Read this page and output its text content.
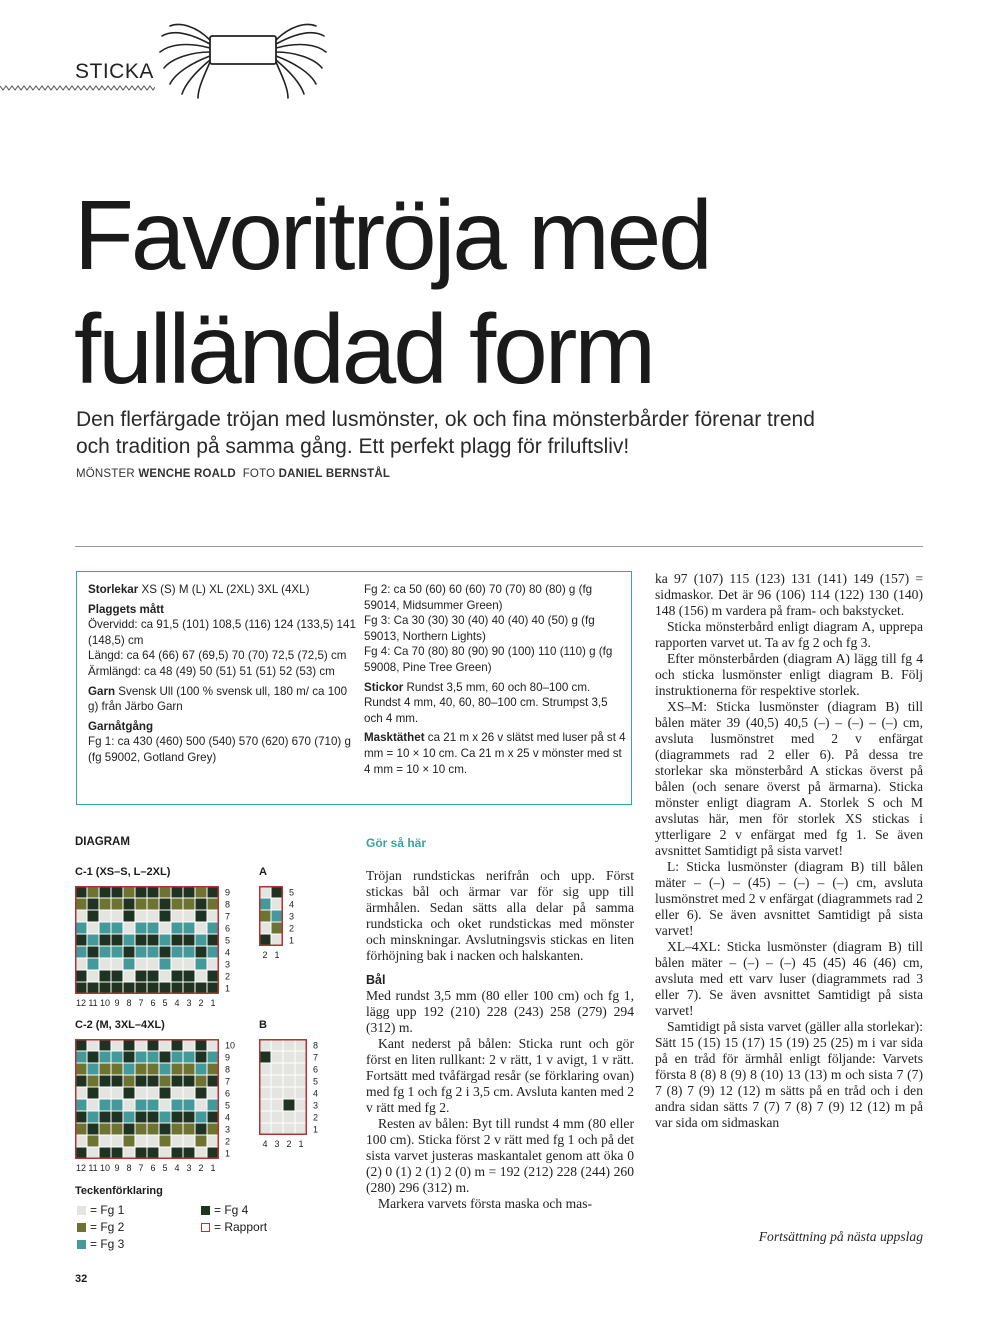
STICKA
Favoritröja med
fulländad form
Den flerfärgade tröjan med lusmönster, ok och fina mönsterbårder förenar trend och tradition på samma gång. Ett perfekt plagg för friluftsliv!
MÖNSTER WENCHE ROALD FOTO DANIEL BERNSTÅL

Storlekar XS (S) M (L) XL (2XL) 3XL (4XL)

Plaggets mått
Övervidd: ca 91,5 (101) 108,5 (116) 124 (133,5) 141 (148,5) cm
Längd: ca 64 (66) 67 (69,5) 70 (70) 72,5 (72,5) cm
Ärmlängd: ca 48 (49) 50 (51) 51 (51) 52 (53) cm

Garn Svensk Ull (100 % svensk ull, 180 m/ ca 100 g) från Järbo Garn

Garnåtgång
Fg 1: ca 430 (460) 500 (540) 570 (620) 670 (710) g (fg 59002, Gotland Grey)

Fg 2: ca 50 (60) 60 (60) 70 (70) 80 (80) g (fg 59014, Midsummer Green)
Fg 3: Ca 30 (30) 30 (40) 40 (40) 40 (50) g (fg 59013, Northern Lights)
Fg 4: Ca 70 (80) 80 (90) 90 (100) 110 (110) g (fg 59008, Pine Tree Green)

Stickor Rundst 3,5 mm, 60 och 80–100 cm. Rundst 4 mm, 40, 60, 80–100 cm. Strumpst 3,5 och 4 mm.

Masktäthet ca 21 m x 26 v slätst med luser på st 4 mm = 10 × 10 cm. Ca 21 m x 25 v mönster med st 4 mm = 10 × 10 cm.

DIAGRAM
C-1 (XS–S, L–2XL)
9
8
7
6
5
4
3
2
1
12 11 10 9 8 7 6 5 4 3 2 1
A
5
4
3
2
1
2 1
C-2 (M, 3XL–4XL)
10
9
8
7
6
5
4
3
2
1
12 11 10 9 8 7 6 5 4 3 2 1
B
8
7
6
5
4
3
2
1
4 3 2 1
Teckenförklaring
= Fg 1	= Fg 4
= Fg 2	= Rapport
= Fg 3
Gör så här

Tröjan rundstickas nerifrån och upp. Först stickas bål och ärmar var för sig upp till ärmhålen. Sedan sätts alla delar på samma rundsticka och oket rundstickas med mönster och minskningar. Avslutningsvis stickas en liten förhöjning bak i nacken och halskanten.

Bål

Med rundst 3,5 mm (80 eller 100 cm) och fg 1, lägg upp 192 (210) 228 (243) 258 (279) 294 (312) m.

Kant nederst på bålen: Sticka runt och gör först en liten rullkant: 2 v rätt, 1 v avigt, 1 v rätt. Fortsätt med tvåfärgad resår (se förklaring ovan) med fg 1 och fg 2 i 3,5 cm. Avsluta kanten med 2 v rätt med fg 2.

Resten av bålen: Byt till rundst 4 mm (80 eller 100 cm). Sticka först 2 v rätt med fg 1 och på det sista varvet justeras maskantalet genom att öka 0 (2) 0 (1) 2 (1) 2 (0) m = 192 (212) 228 (244) 260 (280) 296 (312) m.

Markera varvets första maska och mas-

ka 97 (107) 115 (123) 131 (141) 149 (157) = sidmaskor. Det är 96 (106) 114 (122) 130 (140) 148 (156) m vardera på fram- och bakstycket.

Sticka mönsterbård enligt diagram A, upprepa rapporten varvet ut. Ta av fg 2 och fg 3.

Efter mönsterbården (diagram A) lägg till fg 4 och sticka lusmönster enligt diagram B. Följ instruktionerna för respektive storlek.

XS–M: Sticka lusmönster (diagram B) till bålen mäter 39 (40,5) 40,5 (–) – (–) – (–) cm, avsluta lusmönstret med 2 v enfärgat (diagrammets rad 2 eller 6). På dessa tre storlekar ska mönsterbård A stickas överst på bålen (och senare överst på ärmarna). Sticka mönster enligt diagram A. Storlek S och M avslutas här, men för storlek XS stickas i ytterligare 2 v enfärgat med fg 1. Se även avsnittet Samtidigt på sista varvet!

L: Sticka lusmönster (diagram B) till bålen mäter – (–) – (45) – (–) – (–) cm, avsluta lusmönstret med 2 v enfärgat (diagrammets rad 2 eller 6). Se även avsnittet Samtidigt på sista varvet!

XL–4XL: Sticka lusmönster (diagram B) till bålen mäter – (–) – (–) 45 (45) 46 (46) cm, avsluta med ett varv luser (diagrammets rad 3 eller 7). Se även avsnittet Samtidigt på sista varvet!

Samtidigt på sista varvet (gäller alla storlekar): Sätt 15 (15) 15 (17) 15 (19) 25 (25) m i var sida på en tråd för ärmhål enligt följande: Varvets första 8 (8) 8 (9) 8 (10) 13 (13) m och sista 7 (7) 7 (8) 7 (9) 12 (12) m sätts på en tråd och i den andra sidan sätts 7 (7) 7 (8) 7 (9) 12 (12) m på var sida om sidmaskan

Fortsättning på nästa uppslag
32
